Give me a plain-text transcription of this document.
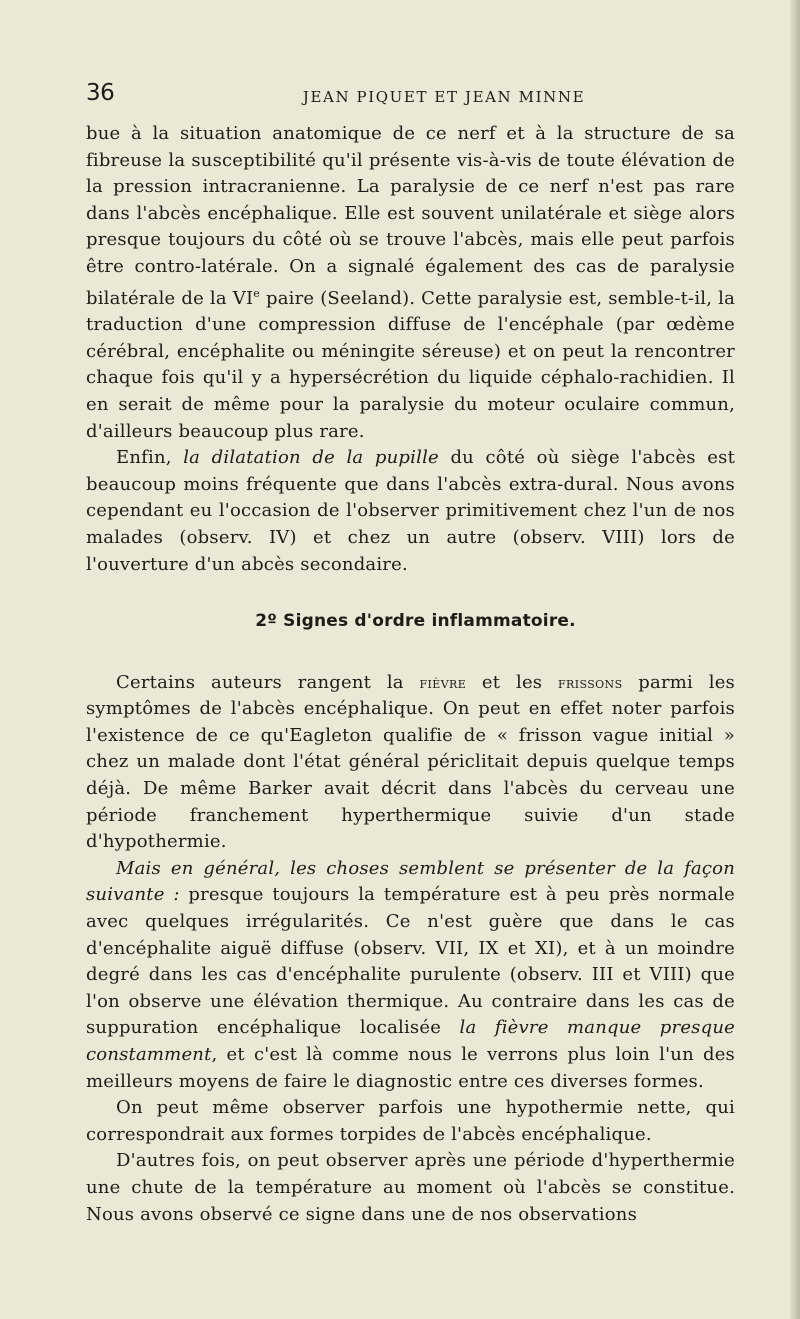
36	JEAN PIQUET ET JEAN MINNE

bue à la situation anatomique de ce nerf et à la structure de sa fibreuse la susceptibilité qu'il présente vis-à-vis de toute élévation de la pression intracranienne. La paralysie de ce nerf n'est pas rare dans l'abcès encéphalique. Elle est souvent unilatérale et siège alors presque toujours du côté où se trouve l'abcès, mais elle peut parfois être contro-latérale. On a signalé également des cas de paralysie bilatérale de la VIe paire (Seeland). Cette paralysie est, semble-t-il, la traduction d'une compression diffuse de l'encéphale (par œdème cérébral, encéphalite ou méningite séreuse) et on peut la rencontrer chaque fois qu'il y a hypersécrétion du liquide céphalo-rachidien. Il en serait de même pour la paralysie du moteur oculaire commun, d'ailleurs beaucoup plus rare.

Enfin, la dilatation de la pupille du côté où siège l'abcès est beaucoup moins fréquente que dans l'abcès extra-dural. Nous avons cependant eu l'occasion de l'observer primitivement chez l'un de nos malades (observ. IV) et chez un autre (observ. VIII) lors de l'ouverture d'un abcès secondaire.

2º Signes d'ordre inflammatoire.

Certains auteurs rangent la fièvre et les frissons parmi les symptômes de l'abcès encéphalique. On peut en effet noter parfois l'existence de ce qu'Eagleton qualifie de « frisson vague initial » chez un malade dont l'état général périclitait depuis quelque temps déjà. De même Barker avait décrit dans l'abcès du cerveau une période franchement hyperthermique suivie d'un stade d'hypothermie.

Mais en général, les choses semblent se présenter de la façon suivante : presque toujours la température est à peu près normale avec quelques irrégularités. Ce n'est guère que dans le cas d'encéphalite aiguë diffuse (observ. VII, IX et XI), et à un moindre degré dans les cas d'encéphalite purulente (observ. III et VIII) que l'on observe une élévation thermique. Au contraire dans les cas de suppuration encéphalique localisée la fièvre manque presque constamment, et c'est là comme nous le verrons plus loin l'un des meilleurs moyens de faire le diagnostic entre ces diverses formes.

On peut même observer parfois une hypothermie nette, qui correspondrait aux formes torpides de l'abcès encéphalique.

D'autres fois, on peut observer après une période d'hyperthermie une chute de la température au moment où l'abcès se constitue. Nous avons observé ce signe dans une de nos observations
